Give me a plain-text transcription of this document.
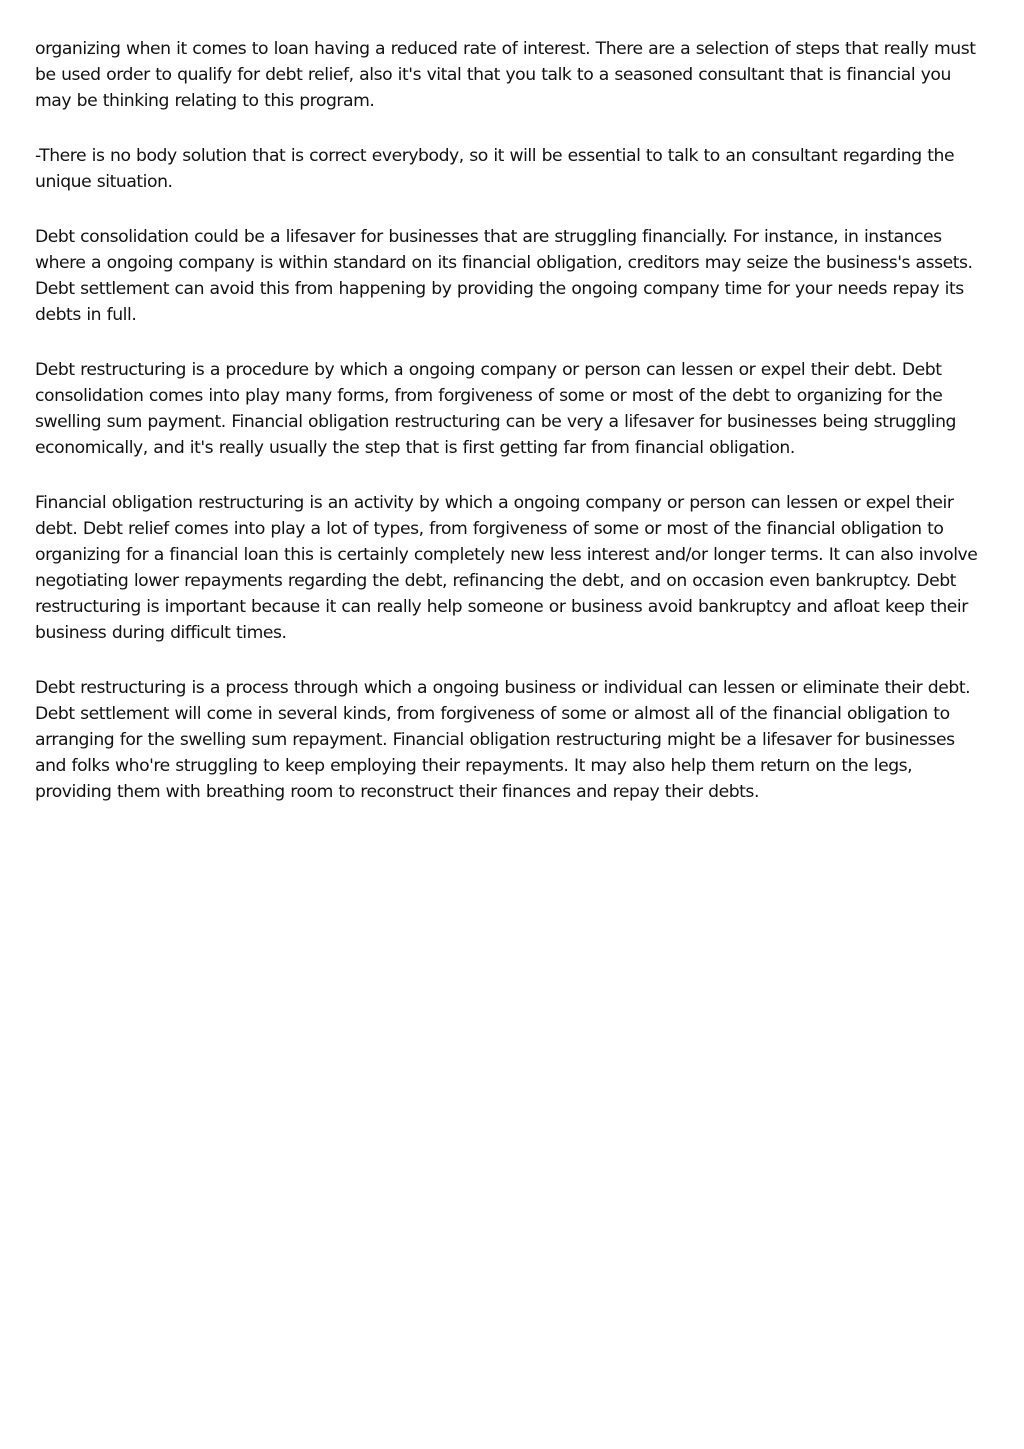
organizing when it comes to loan having a reduced rate of interest. There are a selection of steps that really must be used order to qualify for debt relief, also it's vital that you talk to a seasoned consultant that is financial you may be thinking relating to this program.

-There is no body solution that is correct everybody, so it will be essential to talk to an consultant regarding the unique situation.

Debt consolidation could be a lifesaver for businesses that are struggling financially. For instance, in instances where a ongoing company is within standard on its financial obligation, creditors may seize the business's assets. Debt settlement can avoid this from happening by providing the ongoing company time for your needs repay its debts in full.

Debt restructuring is a procedure by which a ongoing company or person can lessen or expel their debt. Debt consolidation comes into play many forms, from forgiveness of some or most of the debt to organizing for the swelling sum payment. Financial obligation restructuring can be very a lifesaver for businesses being struggling economically, and it's really usually the step that is first getting far from financial obligation.

Financial obligation restructuring is an activity by which a ongoing company or person can lessen or expel their debt. Debt relief comes into play a lot of types, from forgiveness of some or most of the financial obligation to organizing for a financial loan this is certainly completely new less interest and/or longer terms. It can also involve negotiating lower repayments regarding the debt, refinancing the debt, and on occasion even bankruptcy. Debt restructuring is important because it can really help someone or business avoid bankruptcy and afloat keep their business during difficult times.

Debt restructuring is a process through which a ongoing business or individual can lessen or eliminate their debt. Debt settlement will come in several kinds, from forgiveness of some or almost all of the financial obligation to arranging for the swelling sum repayment. Financial obligation restructuring might be a lifesaver for businesses and folks who're struggling to keep employing their repayments. It may also help them return on the legs, providing them with breathing room to reconstruct their finances and repay their debts.
